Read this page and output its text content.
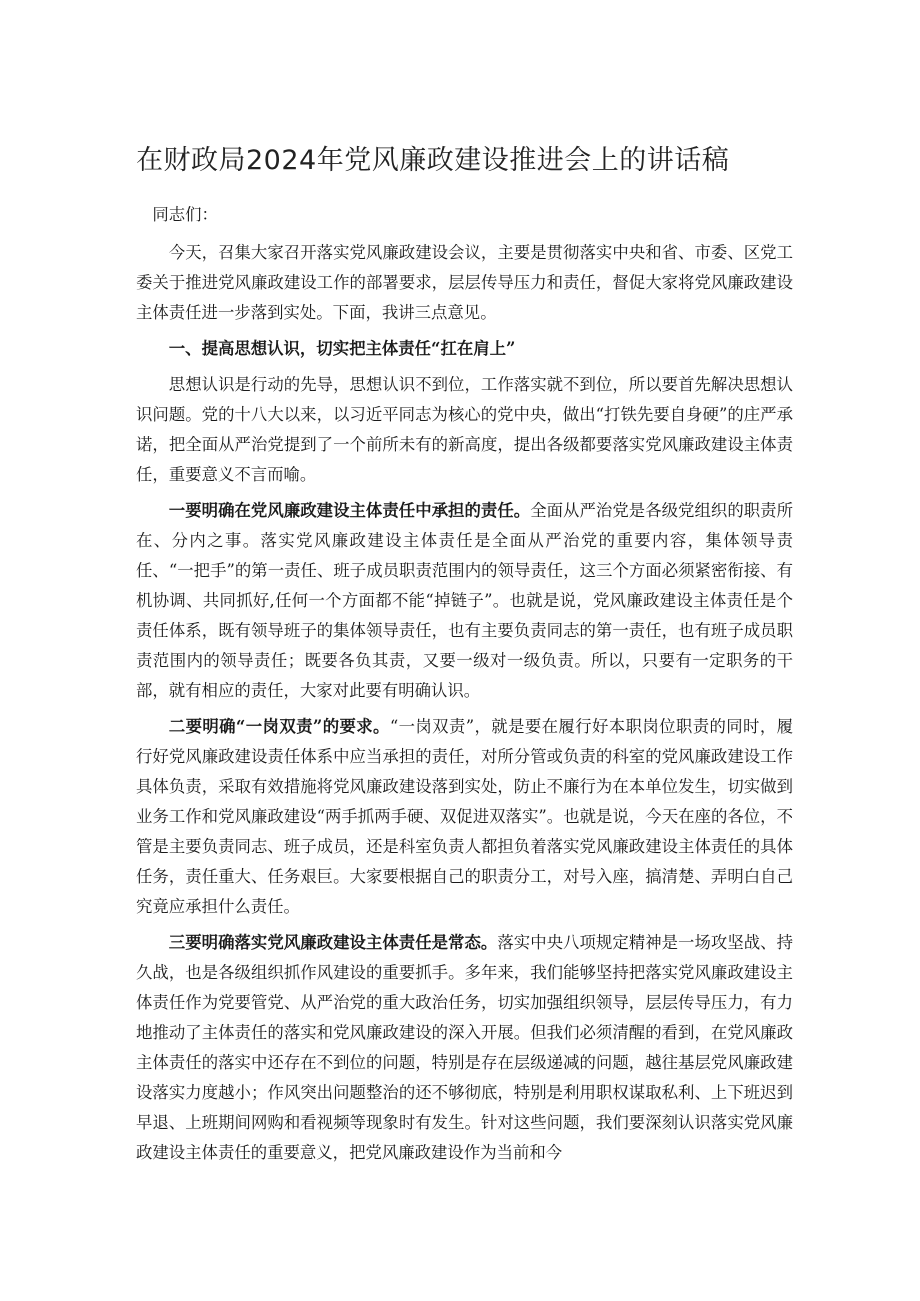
在财政局2024年党风廉政建设推进会上的讲话稿

同志们：

今天，召集大家召开落实党风廉政建设会议，主要是贯彻落实中央和省、市委、区党工委关于推进党风廉政建设工作的部署要求，层层传导压力和责任，督促大家将党风廉政建设主体责任进一步落到实处。下面，我讲三点意见。

一、提高思想认识，切实把主体责任“扛在肩上”

思想认识是行动的先导，思想认识不到位，工作落实就不到位，所以要首先解决思想认识问题。党的十八大以来，以习近平同志为核心的党中央，做出“打铁先要自身硬”的庄严承诺，把全面从严治党提到了一个前所未有的新高度，提出各级都要落实党风廉政建设主体责任，重要意义不言而喻。

一要明确在党风廉政建设主体责任中承担的责任。全面从严治党是各级党组织的职责所在、分内之事。落实党风廉政建设主体责任是全面从严治党的重要内容，集体领导责任、“一把手”的第一责任、班子成员职责范围内的领导责任，这三个方面必须紧密衔接、有机协调、共同抓好,任何一个方面都不能“掉链子”。也就是说，党风廉政建设主体责任是个责任体系，既有领导班子的集体领导责任，也有主要负责同志的第一责任，也有班子成员职责范围内的领导责任；既要各负其责，又要一级对一级负责。所以，只要有一定职务的干部，就有相应的责任，大家对此要有明确认识。

二要明确“一岗双责”的要求。“一岗双责”，就是要在履行好本职岗位职责的同时，履行好党风廉政建设责任体系中应当承担的责任，对所分管或负责的科室的党风廉政建设工作具体负责，采取有效措施将党风廉政建设落到实处，防止不廉行为在本单位发生，切实做到业务工作和党风廉政建设“两手抓两手硬、双促进双落实”。也就是说，今天在座的各位，不管是主要负责同志、班子成员，还是科室负责人都担负着落实党风廉政建设主体责任的具体任务，责任重大、任务艰巨。大家要根据自己的职责分工，对号入座，搞清楚、弄明白自己究竟应承担什么责任。

三要明确落实党风廉政建设主体责任是常态。落实中央八项规定精神是一场攻坚战、持久战，也是各级组织抓作风建设的重要抓手。多年来，我们能够坚持把落实党风廉政建设主体责任作为党要管党、从严治党的重大政治任务，切实加强组织领导，层层传导压力，有力地推动了主体责任的落实和党风廉政建设的深入开展。但我们必须清醒的看到，在党风廉政主体责任的落实中还存在不到位的问题，特别是存在层级递减的问题，越往基层党风廉政建设落实力度越小；作风突出问题整治的还不够彻底，特别是利用职权谋取私利、上下班迟到早退、上班期间网购和看视频等现象时有发生。针对这些问题，我们要深刻认识落实党风廉政建设主体责任的重要意义，把党风廉政建设作为当前和今
